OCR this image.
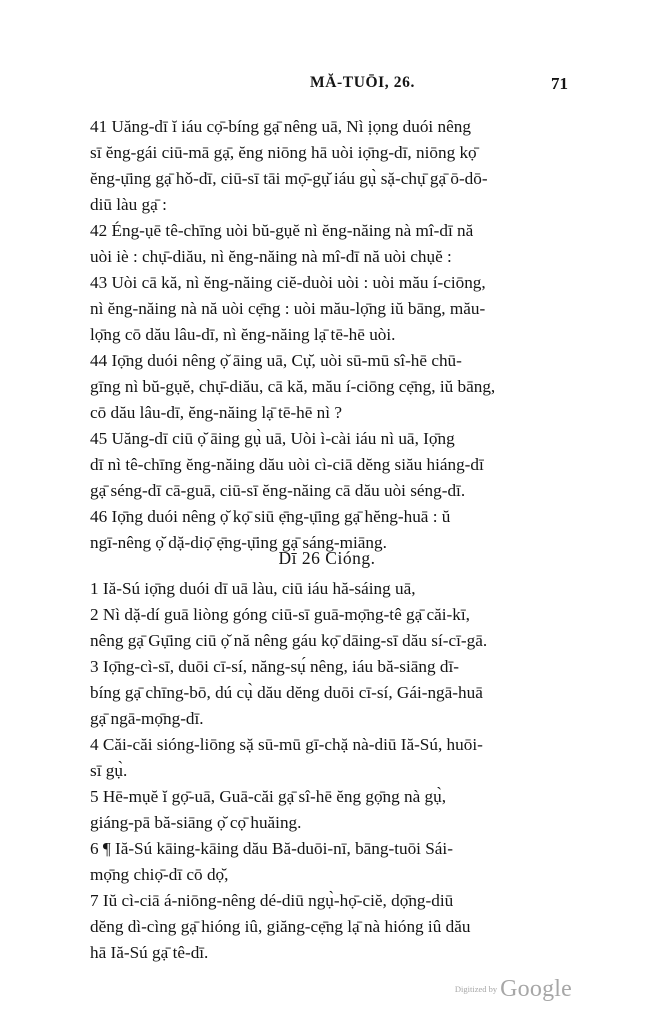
MĂ-TUŌI, 26.	71
41 Uăng-dī ĭ iáu cọ̄-bíng gạ̄ nêng uā, Nì ịọng duói nêng
sī ĕng-gái ciū-mā gạ̄, ĕng niōng hā uòi iọ̄ng-dī, niōng kọ̄
ĕng-ụ̄ing gạ̄ hǒ-dī, ciū-sī tāi mọ̄-gụ̆ iáu gụ̀ sặ-chụ̄ gạ̄ ō-dō-
diū làu gạ̄ :
42 Éng-ụē tê-chīng uòi bŭ-gụĕ nì ĕng-năing nà mî-dī nă
uòi iè : chụ̄-diău, nì ĕng-năing nà mî-dī nă uòi chụĕ :
43 Uòi cā kă, nì ĕng-năing ciĕ-duòi uòi : uòi mău í-ciōng,
nì ĕng-năing nà nă uòi cẹ̄ng : uòi mău-lọ̄ng iŭ bāng, mău-
lọ̄ng cō dău lâu-dī, nì ĕng-năing lạ̄ tē-hē uòi.
44 Iọ̄ng duói nêng ọ̆ āing uā, Cụ̆, uòi sū-mū sî-hē chū-
gīng nì bŭ-gụĕ, chụ̄-diău, cā kă, mău í-ciōng cẹ̄ng, iŭ bāng,
cō dău lâu-dī, ĕng-năing lạ̄ tē-hē nì ?
45 Uăng-dī ciū ọ̆ āing gụ̀ uā, Uòi ì-cài iáu nì uā, Iọ̄ng
dī nì tê-chīng ĕng-năing dău uòi cì-ciā dĕng siău hiáng-dī
gạ̄ séng-dī cā-guā, ciū-sī ĕng-năing cā dău uòi séng-dī.
46 Iọ̄ng duói nêng ọ̆ kọ̄ siū ẹ̄ng-ụ̄ing gạ̄ hĕng-huā : ŭ
ngī-nêng ọ̆ dặ-diọ̄ ẹ̄ng-ụ̄ing gạ̄ sáng-miāng.
Dī 26 Cióng.
1 Iă-Sú iọ̄ng duói dī uā làu, ciū iáu hă-sáing uā,
2 Nì dặ-dí guā liòng góng ciū-sī guā-mọ̄ng-tê gạ̄ căi-kī,
nêng gạ̄ Gụ̄ing ciū ọ̆ nă nêng gáu kọ̄ dāing-sī dău sí-cī-gā.
3 Iọ̄ng-cì-sī, duōi cī-sí, năng-sụ́ nêng, iáu bă-siāng dī-
bíng gạ̄ chīng-bō, dú cụ̀ dău dĕng duōi cī-sí, Gái-ngā-huā
gạ̄ ngā-mọ̄ng-dī.
4 Căi-căi sióng-liōng sặ sū-mū gī-chặ nà-diū Iă-Sú, huōi-
sī gụ̀.
5 Hē-mụĕ ĭ gọ̄-uā, Guā-căi gạ̄ sî-hē ĕng gọ̄ng nà gụ̀,
giáng-pā bă-siāng ọ̆ cọ̄ huăing.
6 ¶ Iă-Sú kāing-kāing dău Bă-duōi-nī, bāng-tuōi Sái-
mọ̄ng chiọ̄-dī cō dọ̆,
7 Iŭ cì-ciā á-niōng-nêng dé-diū ngụ̀-họ̄-ciĕ, dọ̄ng-diū
dĕng dì-cìng gạ̄ hióng iû, giăng-cẹ̄ng lạ̄ nà hióng iû dău
hā Iă-Sú gạ̄ tê-dī.
$^{Digitized by}$ Google
